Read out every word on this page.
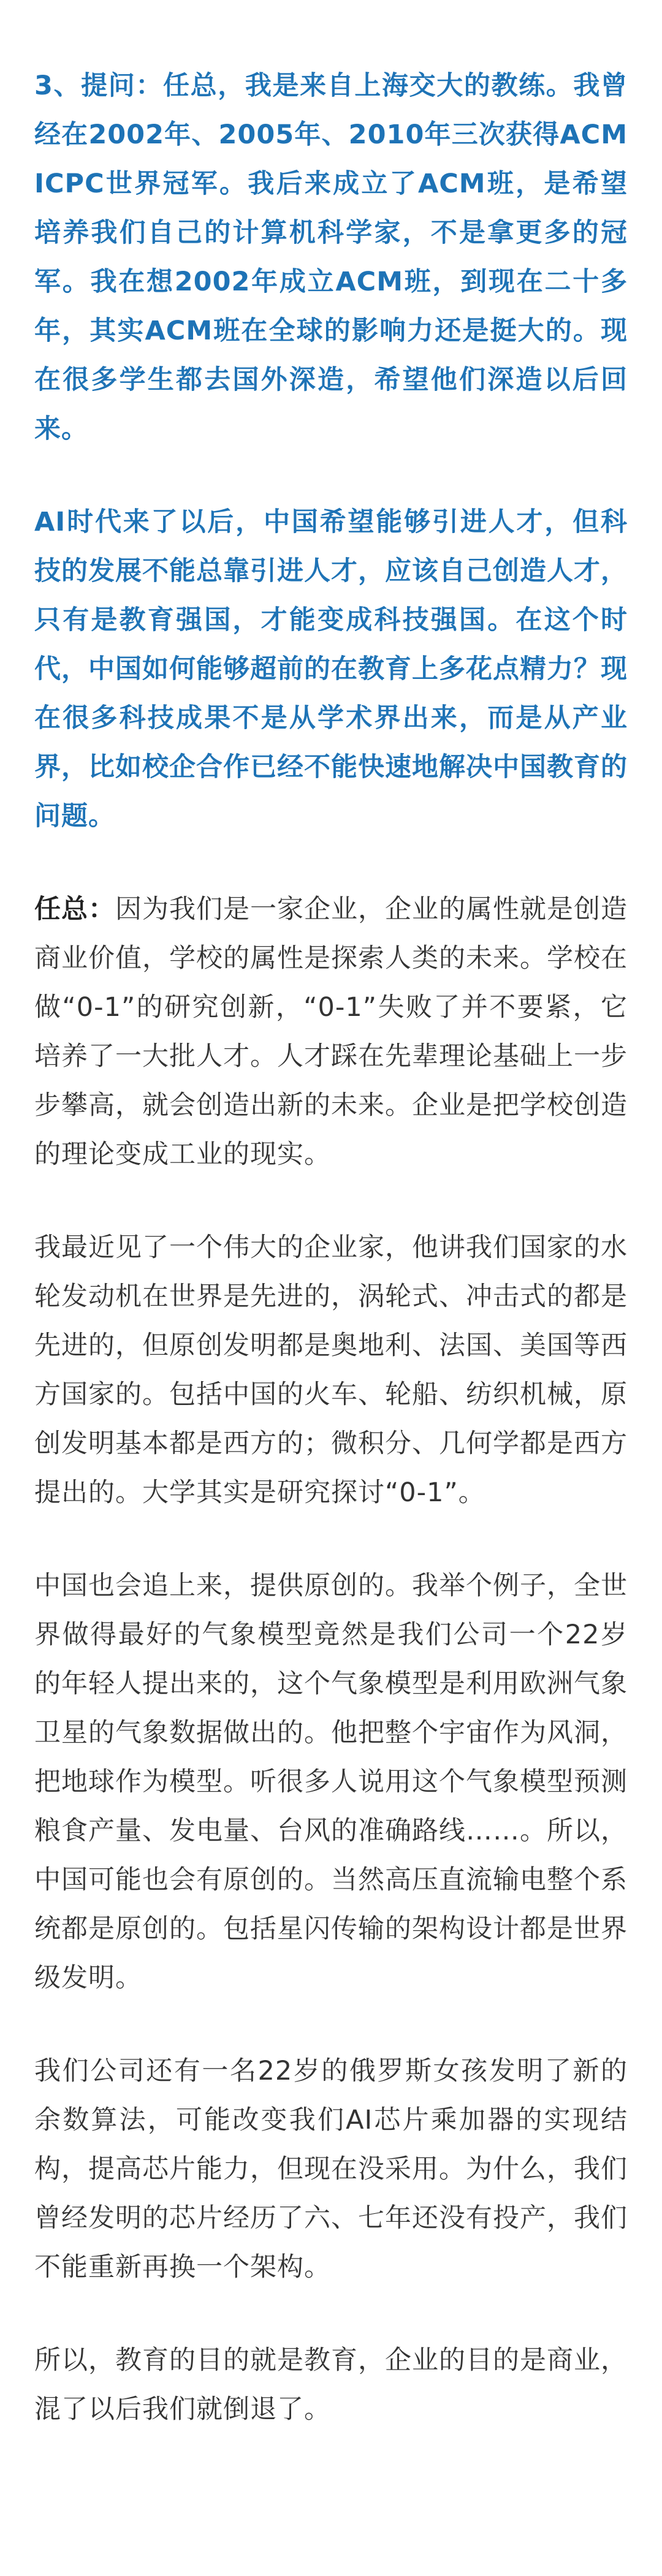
3、提问：任总，我是来自上海交大的教练。我曾经在2002年、2005年、2010年三次获得ACM ICPC世界冠军。我后来成立了ACM班，是希望培养我们自己的计算机科学家，不是拿更多的冠军。我在想2002年成立ACM班，到现在二十多年，其实ACM班在全球的影响力还是挺大的。现在很多学生都去国外深造，希望他们深造以后回来。

AI时代来了以后，中国希望能够引进人才，但科技的发展不能总靠引进人才，应该自己创造人才，只有是教育强国，才能变成科技强国。在这个时代，中国如何能够超前的在教育上多花点精力？现在很多科技成果不是从学术界出来，而是从产业界，比如校企合作已经不能快速地解决中国教育的问题。

任总：因为我们是一家企业，企业的属性就是创造商业价值，学校的属性是探索人类的未来。学校在做“0-1”的研究创新，“0-1”失败了并不要紧，它培养了一大批人才。人才踩在先辈理论基础上一步步攀高，就会创造出新的未来。企业是把学校创造的理论变成工业的现实。

我最近见了一个伟大的企业家，他讲我们国家的水轮发动机在世界是先进的，涡轮式、冲击式的都是先进的，但原创发明都是奥地利、法国、美国等西方国家的。包括中国的火车、轮船、纺织机械，原创发明基本都是西方的；微积分、几何学都是西方提出的。大学其实是研究探讨“0-1”。

中国也会追上来，提供原创的。我举个例子，全世界做得最好的气象模型竟然是我们公司一个22岁的年轻人提出来的，这个气象模型是利用欧洲气象卫星的气象数据做出的。他把整个宇宙作为风洞，把地球作为模型。听很多人说用这个气象模型预测粮食产量、发电量、台风的准确路线……。所以，中国可能也会有原创的。当然高压直流输电整个系统都是原创的。包括星闪传输的架构设计都是世界级发明。

我们公司还有一名22岁的俄罗斯女孩发明了新的余数算法，可能改变我们AI芯片乘加器的实现结构，提高芯片能力，但现在没采用。为什么，我们曾经发明的芯片经历了六、七年还没有投产，我们不能重新再换一个架构。

所以，教育的目的就是教育，企业的目的是商业，混了以后我们就倒退了。
